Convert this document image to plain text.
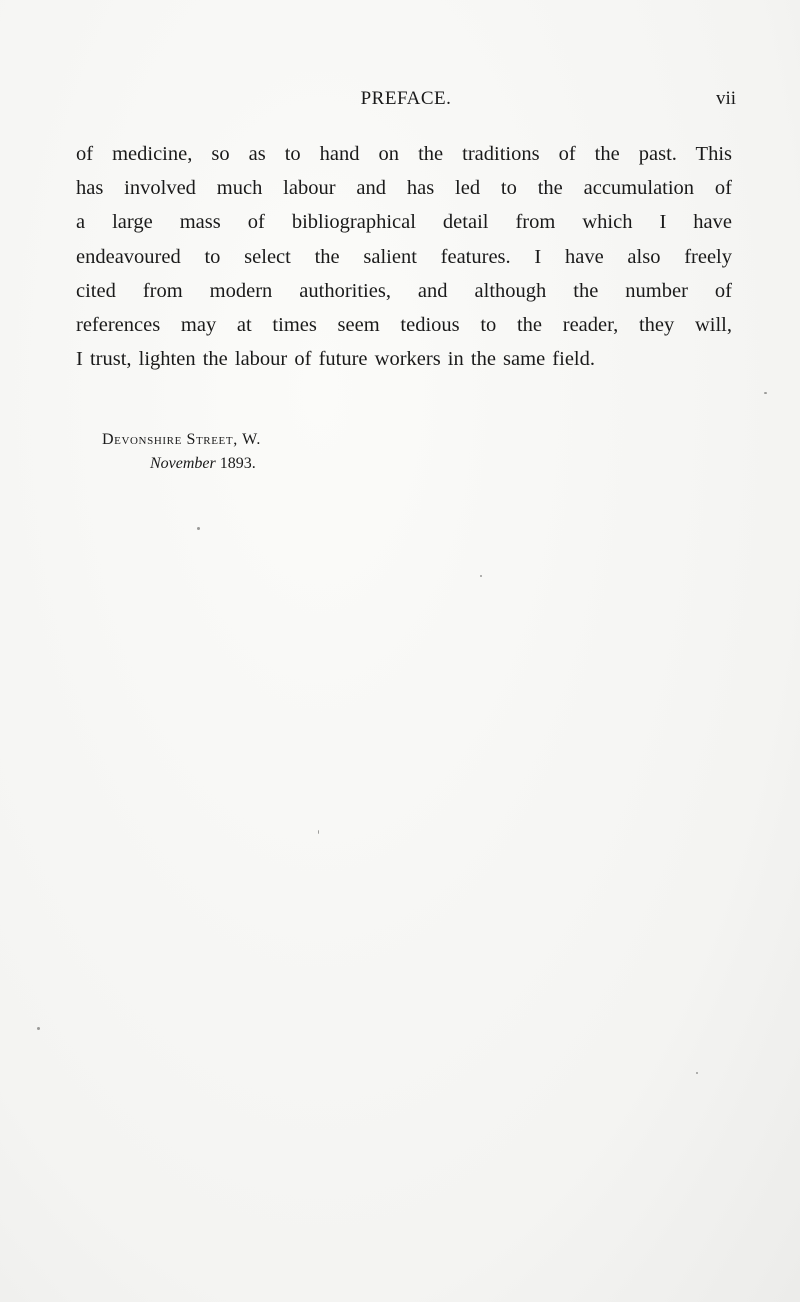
PREFACE.	vii
of medicine, so as to hand on the traditions of the past. This
has involved much labour and has led to the accumulation of
a large mass of bibliographical detail from which I have
endeavoured to select the salient features. I have also freely
cited from modern authorities, and although the number of
references may at times seem tedious to the reader, they will,
I trust, lighten the labour of future workers in the same field.
Devonshire Street, W.
November 1893.
